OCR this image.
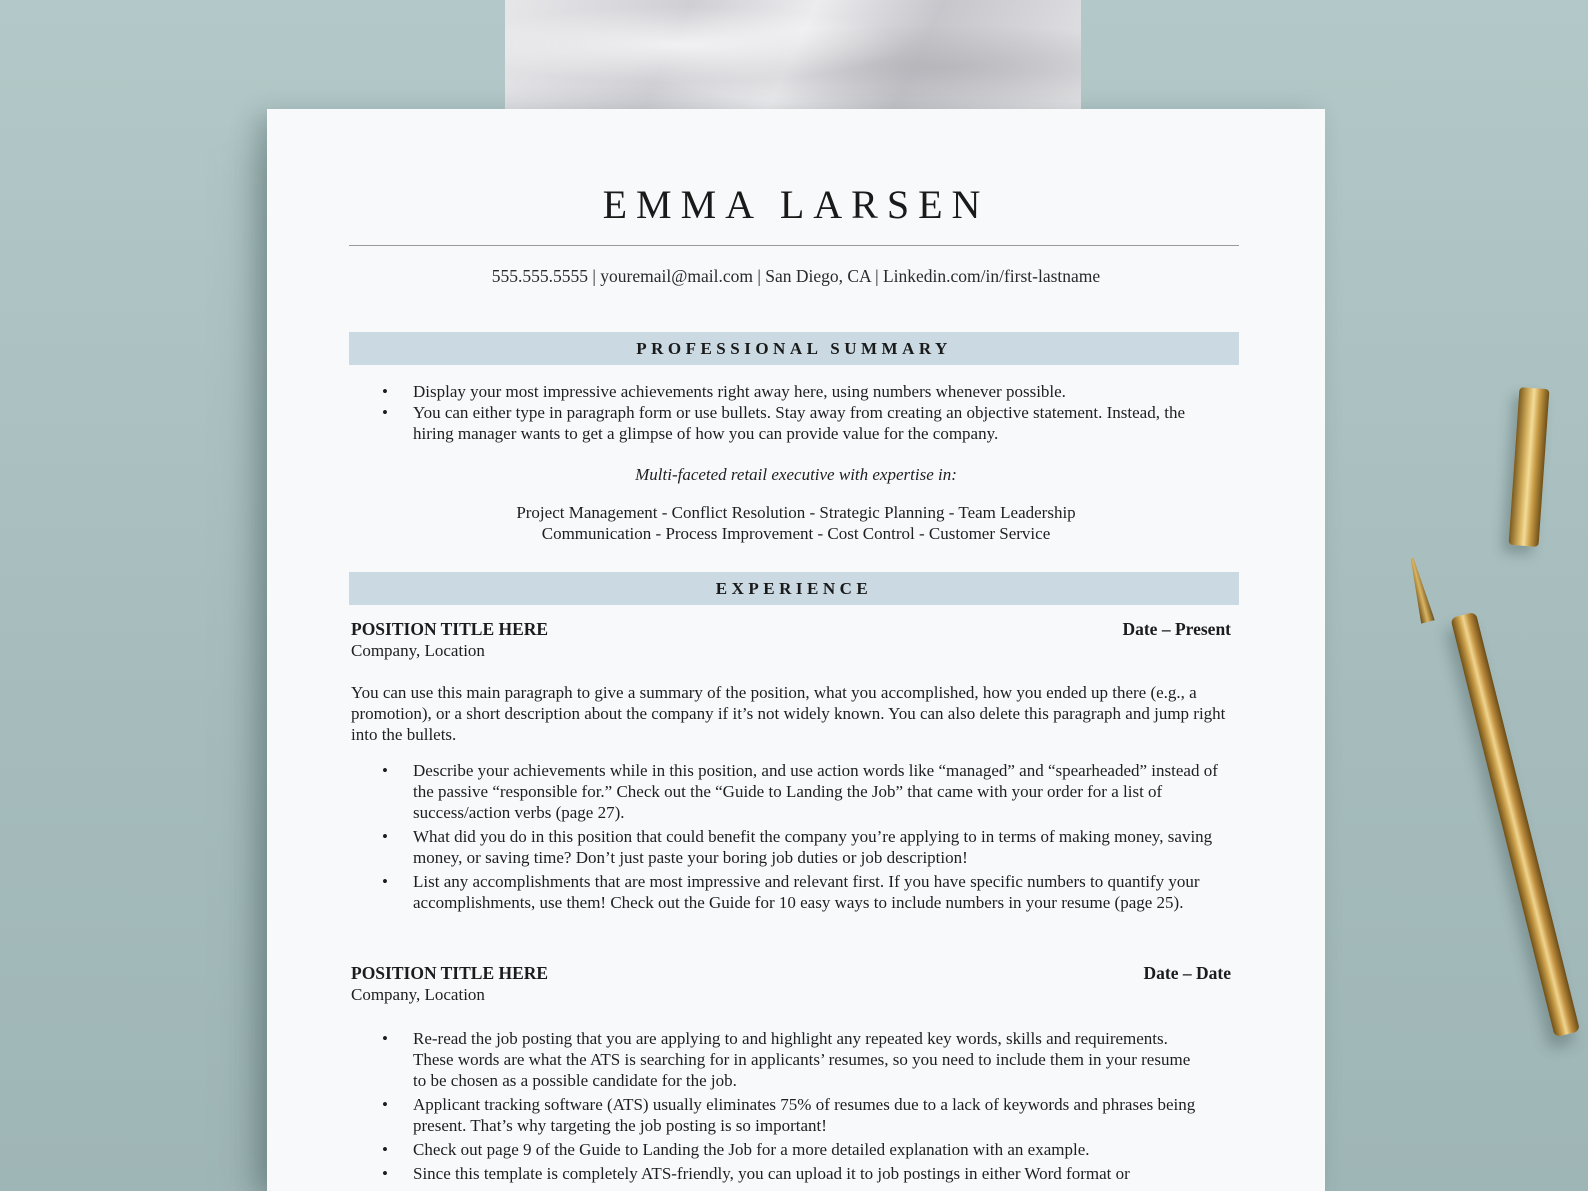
EMMA LARSEN
555.555.5555 | youremail@mail.com | San Diego, CA | Linkedin.com/in/first-lastname
PROFESSIONAL SUMMARY
• Display your most impressive achievements right away here, using numbers whenever possible.
• You can either type in paragraph form or use bullets. Stay away from creating an objective statement. Instead, the hiring manager wants to get a glimpse of how you can provide value for the company.
Multi-faceted retail executive with expertise in:
Project Management - Conflict Resolution - Strategic Planning - Team Leadership
Communication - Process Improvement - Cost Control - Customer Service
EXPERIENCE
POSITION TITLE HERE	Date – Present
Company, Location
You can use this main paragraph to give a summary of the position, what you accomplished, how you ended up there (e.g., a promotion), or a short description about the company if it’s not widely known. You can also delete this paragraph and jump right into the bullets.
• Describe your achievements while in this position, and use action words like “managed” and “spearheaded” instead of the passive “responsible for.” Check out the “Guide to Landing the Job” that came with your order for a list of success/action verbs (page 27).
• What did you do in this position that could benefit the company you’re applying to in terms of making money, saving money, or saving time? Don’t just paste your boring job duties or job description!
• List any accomplishments that are most impressive and relevant first. If you have specific numbers to quantify your accomplishments, use them! Check out the Guide for 10 easy ways to include numbers in your resume (page 25).
POSITION TITLE HERE	Date – Date
Company, Location
• Re-read the job posting that you are applying to and highlight any repeated key words, skills and requirements. These words are what the ATS is searching for in applicants’ resumes, so you need to include them in your resume to be chosen as a possible candidate for the job.
• Applicant tracking software (ATS) usually eliminates 75% of resumes due to a lack of keywords and phrases being present. That’s why targeting the job posting is so important!
• Check out page 9 of the Guide to Landing the Job for a more detailed explanation with an example.
• Since this template is completely ATS-friendly, you can upload it to job postings in either Word format or
